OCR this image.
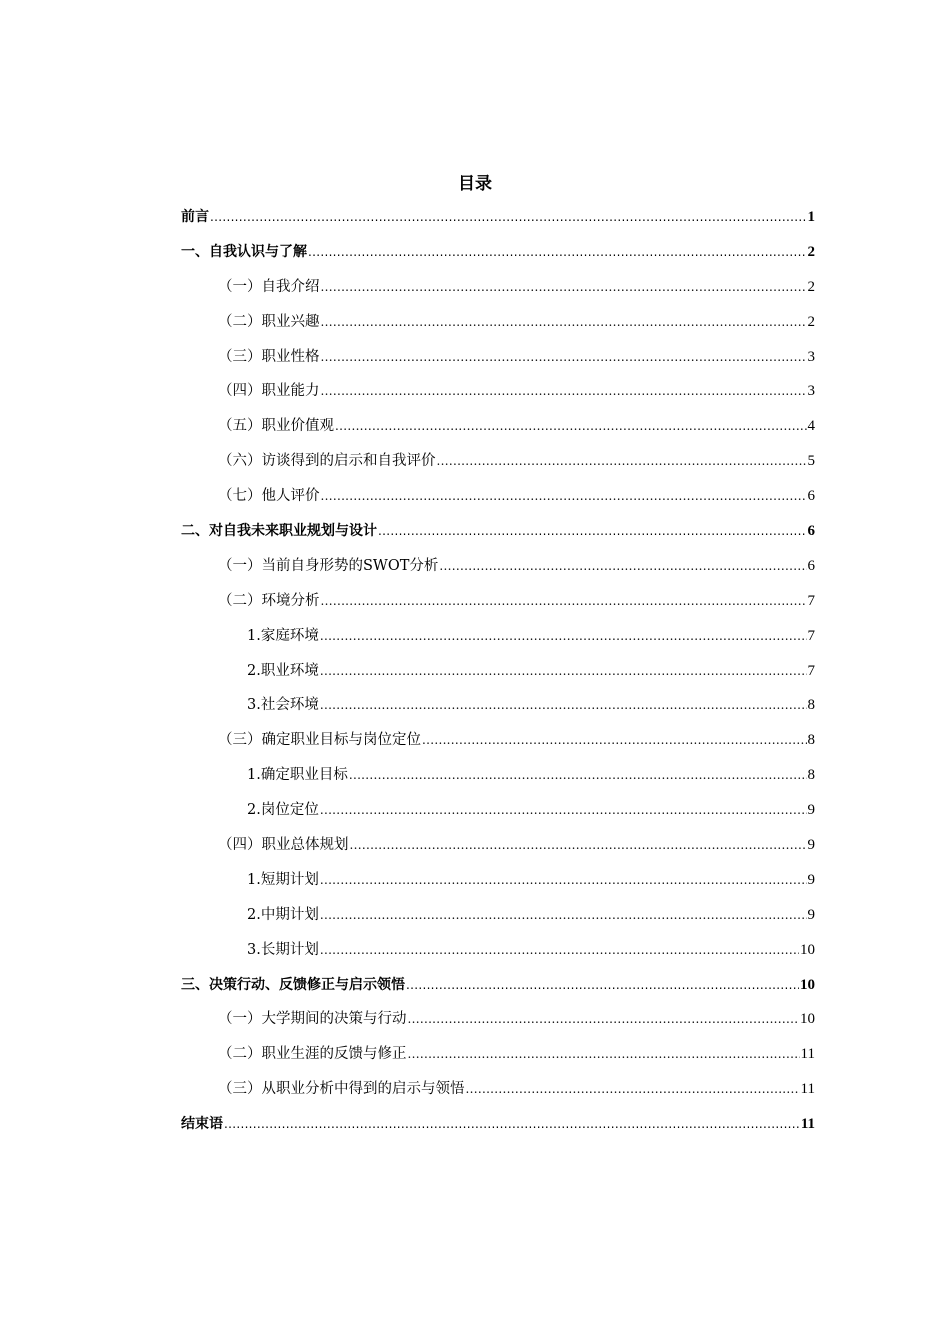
目录
前言 .....	1
一、自我认识与了解 .....	2
（一）自我介绍 .....	2
（二）职业兴趣 .....	2
（三）职业性格 .....	3
（四）职业能力 .....	3
（五）职业价值观 .....	4
（六）访谈得到的启示和自我评价 .....	5
（七）他人评价 .....	6
二、对自我未来职业规划与设计 .....	6
（一）当前自身形势的SWOT分析 .....	6
（二）环境分析 .....	7
1.家庭环境 .....	7
2.职业环境 .....	7
3.社会环境 .....	8
（三）确定职业目标与岗位定位 .....	8
1.确定职业目标 .....	8
2.岗位定位 .....	9
（四）职业总体规划 .....	9
1.短期计划 .....	9
2.中期计划 .....	9
3.长期计划 .....	10
三、决策行动、反馈修正与启示领悟 .....	10
（一）大学期间的决策与行动 .....	10
（二）职业生涯的反馈与修正 .....	11
（三）从职业分析中得到的启示与领悟 .....	11
结束语 .....	11
